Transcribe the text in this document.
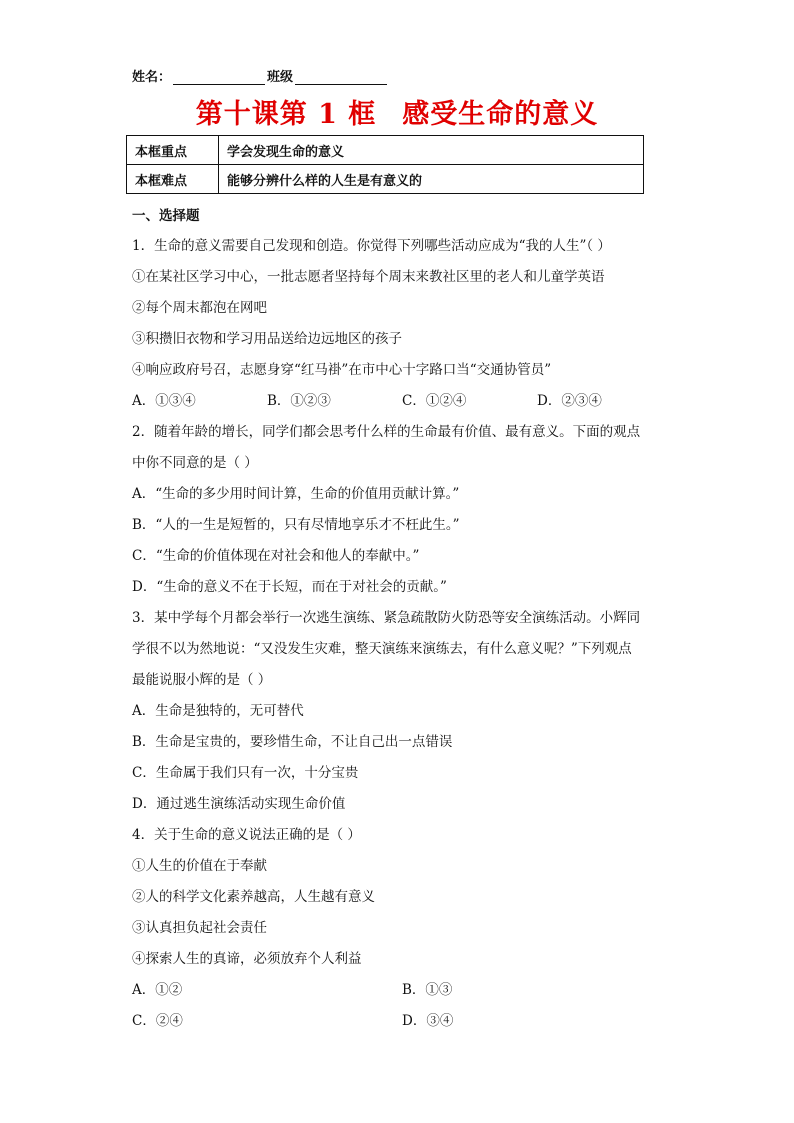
姓名：	班级
第十课第 1 框 感受生命的意义
本框重点	学会发现生命的意义
本框难点	能够分辨什么样的人生是有意义的
一、选择题
1．生命的意义需要自己发现和创造。你觉得下列哪些活动应成为“我的人生”（ ）
①在某社区学习中心，一批志愿者坚持每个周末来教社区里的老人和儿童学英语
②每个周末都泡在网吧
③积攒旧衣物和学习用品送给边远地区的孩子
④响应政府号召，志愿身穿“红马褂”在市中心十字路口当“交通协管员”
A．①③④	B．①②③	C．①②④	D．②③④
2．随着年龄的增长，同学们都会思考什么样的生命最有价值、最有意义。下面的观点
中你不同意的是（ ）
A．“生命的多少用时间计算，生命的价值用贡献计算。”
B．“人的一生是短暂的，只有尽情地享乐才不枉此生。”
C．“生命的价值体现在对社会和他人的奉献中。”
D．“生命的意义不在于长短，而在于对社会的贡献。”
3．某中学每个月都会举行一次逃生演练、紧急疏散防火防恐等安全演练活动。小辉同
学很不以为然地说：“又没发生灾难，整天演练来演练去，有什么意义呢？”下列观点
最能说服小辉的是（ ）
A．生命是独特的，无可替代
B．生命是宝贵的，要珍惜生命，不让自己出一点错误
C．生命属于我们只有一次，十分宝贵
D．通过逃生演练活动实现生命价值
4．关于生命的意义说法正确的是（ ）
①人生的价值在于奉献
②人的科学文化素养越高，人生越有意义
③认真担负起社会责任
④探索人生的真谛，必须放弃个人利益
A．①②	B．①③
C．②④	D．③④
